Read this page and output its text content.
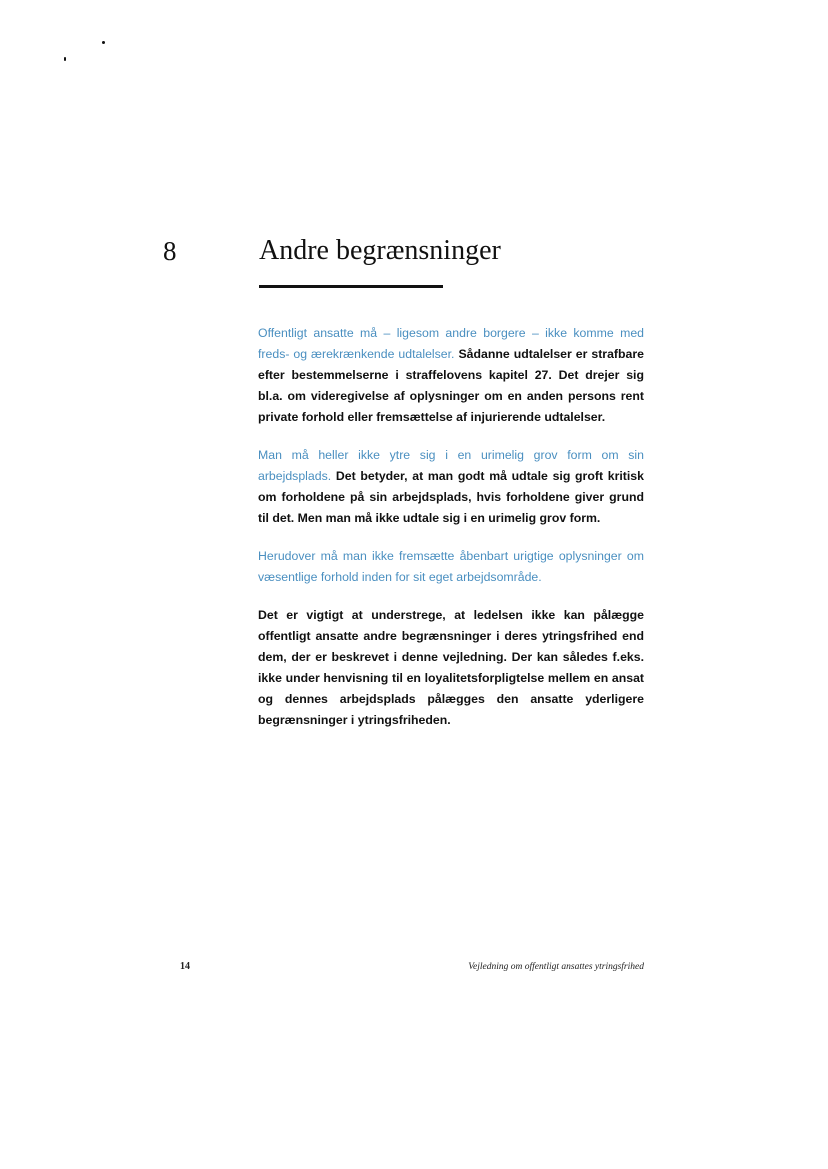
8	Andre begrænsninger

Offentligt ansatte må – ligesom andre borgere – ikke komme med freds- og ærekrænkende udtalelser. Sådanne udtalelser er strafbare efter bestemmelserne i straffelovens kapitel 27. Det drejer sig bl.a. om videregivelse af oplysninger om en anden persons rent private forhold eller fremsættelse af injurierende udtalelser.

Man må heller ikke ytre sig i en urimelig grov form om sin arbejdsplads. Det betyder, at man godt må udtale sig groft kritisk om forholdene på sin arbejdsplads, hvis forholdene giver grund til det. Men man må ikke udtale sig i en urimelig grov form.

Herudover må man ikke fremsætte åbenbart urigtige oplysninger om væsentlige forhold inden for sit eget arbejdsområde.

Det er vigtigt at understrege, at ledelsen ikke kan pålægge offentligt ansatte andre begrænsninger i deres ytringsfrihed end dem, der er beskrevet i denne vejledning. Der kan således f.eks. ikke under henvisning til en loyalitetsforpligtelse mellem en ansat og dennes arbejdsplads pålægges den ansatte yderligere begrænsninger i ytringsfriheden.

14	Vejledning om offentligt ansattes ytringsfrihed
